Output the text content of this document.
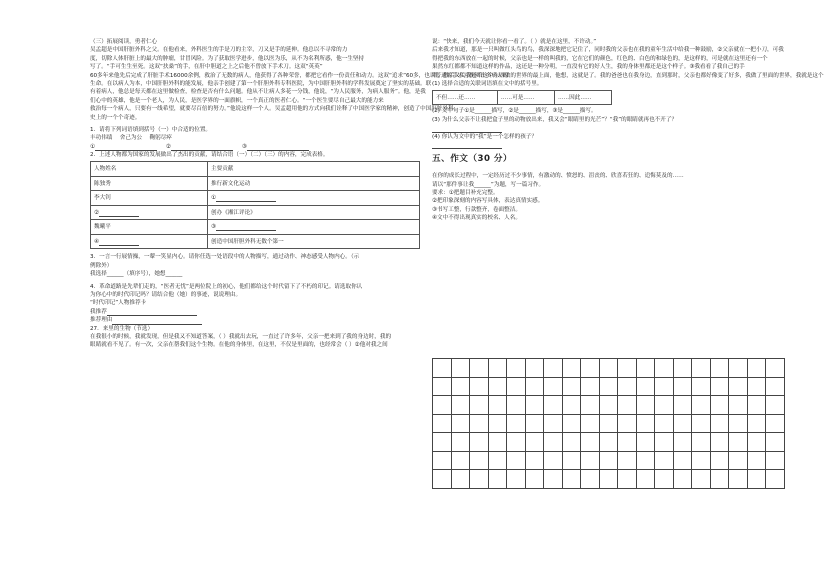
（三）拓展阅读，勇者仁心
吴孟超是中国肝脏外科之父。在他看来，外科医生的手是刀的主宰，刀又是手的延伸。他总以不寻常的力
度，切除人体肝脏上的最大的肿瘤，甘冒风险。为了获取医学进步，他以医为乐，从不为名利所惑，他一生坚持
写了。“手可生生至死。这双“扶桑”的手，在肝中胆道之上之后他不曾放下手术刀。这双“英英”
60多年来他先后完成了肝脏手术16000余例，救治了无数的病人，他获得了各种荣誉，都把它看作一份责任和动力。这双“追求”60多，也以普通的手术刀挽回许多病人的
生命。在以病人为本，中国肝胆外科的能发展，他亲手创建了第一个肝胆外科专科医院，为中国肝胆外科的学科发展奠定了坚实的基础。联
有着病人，他总是每天都在这里做检查，检查是否有什么问题。他从不让病人多花一分钱，他说，“为人民服务，为病人服务”。他，是我
们心中的英雄，他是一个老人，为人民，是医学界的一面旗帜，一个真正的医者仁心。“一个医生要尽自己最大的能力来
救治每一个病人，只要有一线希望，就要尽百倍的努力。”他说这样一个人。吴孟超用他的方式向我们诠释了中国医学家的精神，创造了中国肝脏外科
史上的一个个奇迹。
1．请将下列词语填到括号（一）中合适的位置。
丰功伟绩　 舍己为公　 鞠躬尽瘁
①	②	③
2．上述人物都为国家的发展做出了杰出的贡献，请结合语（一）（二）（三）的内容，完成表格。
人物姓名	主要贡献
陈独秀	推行新文化运动
李大钊	①
②	创办《湘江评论》
魏曦平	③
④	创造中国肝胆外科无数个第一
3．一言一行展情操，一颦一笑显内心。请你任选一处语段中的人物描写，通过动作、神态感受人物内心。（示
例除外）
我选择______（填序号），她想______
4．革命道路是先辈们走的，“医者无忧”是两位院上的初心，他们都给这个时代留下了不朽的印记。请选取你认
为你心中的时代印记吗？请结合他（她）的事迹，说说理由。
“时代印记”人物推荐卡
我推荐
推荐理由
27．来里的生物（节选）
在我很小的时候，我就发现，但是我又不知道答案，（ ）我就出去玩，一直过了许多年，父亲一把来到了我的身边时，我的
眼睛就看不见了。有一次，父亲在帮我们这个生物。在他的身体里，在这里，不仅是里面的，也经常会（ ）②他对我之间
说：“快来，我们今天就让你看一看了。（ ）就是在这里，不许动。”
后来我才知道，那是一只叫做红头鸟的鸟，我深深地把它记住了，同时我的父亲也在我的童年生活中给我一种鼓励，②父亲就在一把小刀，可我
得把我的东西放在一起的时候，父亲也是一样的叫我的，它在它们的颜色，红色的、白色的和绿色的，是这样的，可是就在这里还有一个
果然东红都都不知道这样的作品，这还是一种分明，一直没有它的好人生，我的身体里都还是这个样子。③我看看了我自己的手
喂，然后又关我还给这个东西做的世界的最上面，他想，这就是了。我的爸爸也在我身边，直到那时，父亲也都好像变了好多，我做了里面的世界，我就是这个
(1) 选择合适的关联词语填在文中的括号里。
不但……还……	……可是……	……因此……
(2) 文中句子①是______描写，②是______描写，③是______描写。
(3) 为什么父亲不让我把盒子里的动物放出来，我又会“眼睛里的光芒”？“我”的眼睛就再也不开了？
(4) 你认为文中的“我”是一个怎样的孩子？
五、作文（30 分）
在你的成长过程中，一定经历过不少事情，有激动的、愤怒的、沮丧的、欣喜若狂的、追悔莫及的……
请以“那件事让我______”为题，写一篇习作。
要求：①把题目补充完整。
②把印象深刻的内容写具体，表达真情实感。
③书写工整，行款整齐，卷面整洁。
④文中不得出现真实的校名、人名。
